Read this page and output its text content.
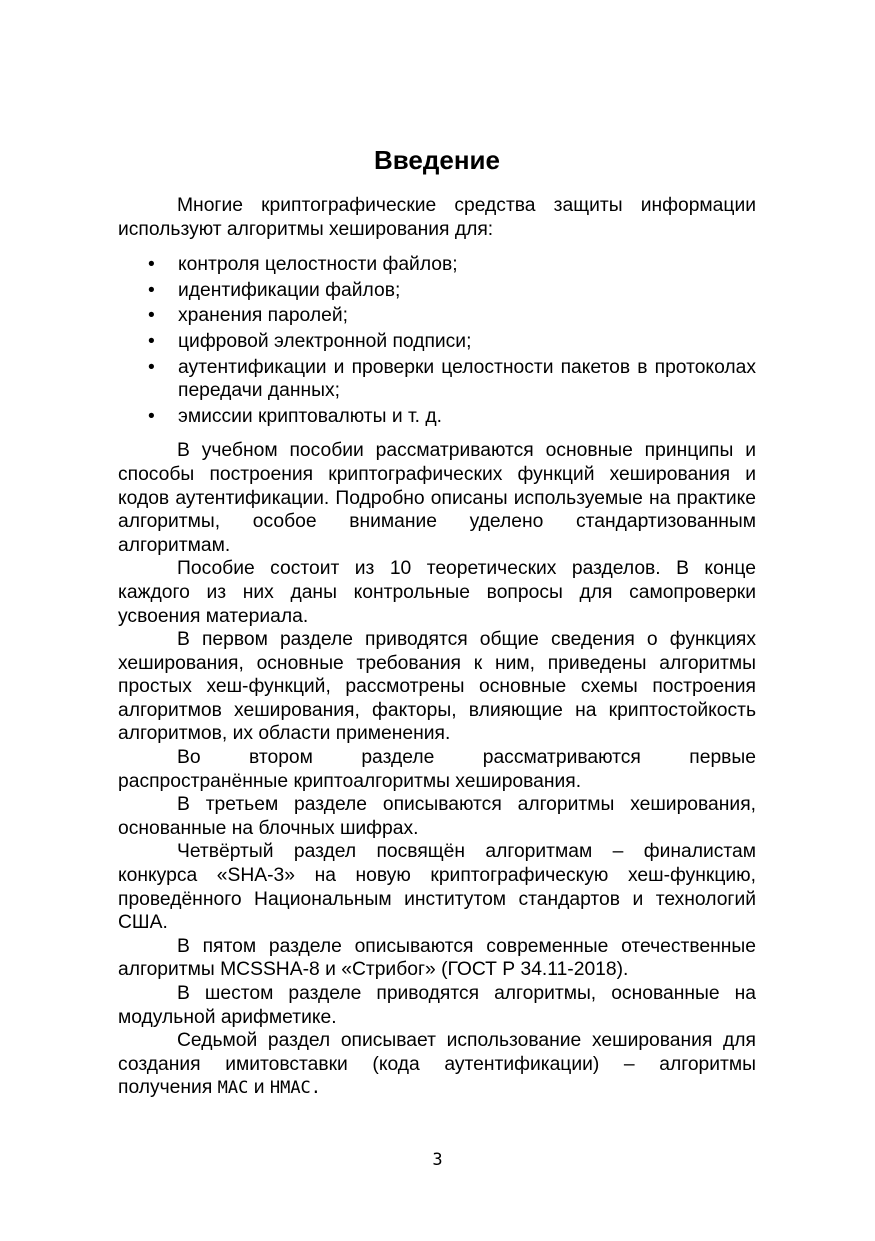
Введение

Многие криптографические средства защиты информации используют алгоритмы хеширования для:

• контроля целостности файлов;
• идентификации файлов;
• хранения паролей;
• цифровой электронной подписи;
• аутентификации и проверки целостности пакетов в протоколах передачи данных;
• эмиссии криптовалюты и т. д.

В учебном пособии рассматриваются основные принципы и способы построения криптографических функций хеширования и кодов аутентификации. Подробно описаны используемые на практике алгоритмы, особое внимание уделено стандартизованным алгоритмам.

Пособие состоит из 10 теоретических разделов. В конце каждого из них даны контрольные вопросы для самопроверки усвоения материала.

В первом разделе приводятся общие сведения о функциях хеширования, основные требования к ним, приведены алгоритмы простых хеш-функций, рассмотрены основные схемы построения алгоритмов хеширования, факторы, влияющие на криптостойкость алгоритмов, их области применения.

Во втором разделе рассматриваются первые распространённые криптоалгоритмы хеширования.

В третьем разделе описываются алгоритмы хеширования, основанные на блочных шифрах.

Четвёртый раздел посвящён алгоритмам – финалистам конкурса «SHA-3» на новую криптографическую хеш-функцию, проведённого Национальным институтом стандартов и технологий США.

В пятом разделе описываются современные отечественные алгоритмы MCSSHA-8 и «Стрибог» (ГОСТ Р 34.11-2018).

В шестом разделе приводятся алгоритмы, основанные на модульной арифметике.

Седьмой раздел описывает использование хеширования для создания имитовставки (кода аутентификации) – алгоритмы получения MAC и HMAC.

3
